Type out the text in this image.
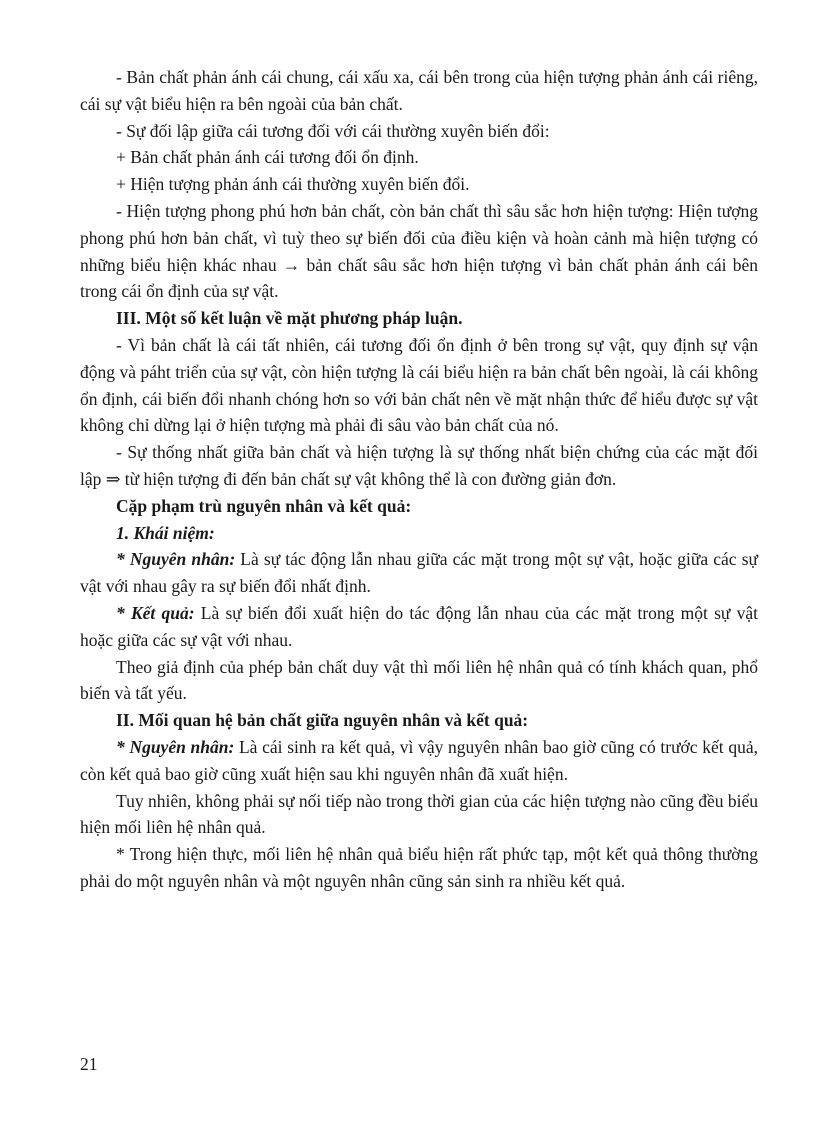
- Bản chất phản ánh cái chung, cái xấu xa, cái bên trong của hiện tượng phản ánh cái riêng, cái sự vật biểu hiện ra bên ngoài của bản chất.

- Sự đối lập giữa cái tương đối với cái thường xuyên biến đổi:

+ Bản chất phản ánh cái tương đối ổn định.

+ Hiện tượng phản ánh cái thường xuyên biến đổi.

- Hiện tượng phong phú hơn bản chất, còn bản chất thì sâu sắc hơn hiện tượng: Hiện tượng phong phú hơn bản chất, vì tuỳ theo sự biến đối của điều kiện và hoàn cảnh mà hiện tượng có những biểu hiện khác nhau → bản chất sâu sắc hơn hiện tượng vì bản chất phản ánh cái bên trong cái ổn định của sự vật.

III. Một số kết luận về mặt phương pháp luận.

- Vì bản chất là cái tất nhiên, cái tương đối ổn định ở bên trong sự vật, quy định sự vận động và páht triển của sự vật, còn hiện tượng là cái biểu hiện ra bản chất bên ngoài, là cái không ổn định, cái biến đổi nhanh chóng hơn so với bản chất nên về mặt nhận thức để hiểu được sự vật không chỉ dừng lại ở hiện tượng mà phải đi sâu vào bản chất của nó.

- Sự thống nhất giữa bản chất và hiện tượng là sự thống nhất biện chứng của các mặt đối lập ⇒ từ hiện tượng đi đến bản chất sự vật không thể là con đường giản đơn.

Cặp phạm trù nguyên nhân và kết quả:

1. Khái niệm:

* Nguyên nhân: Là sự tác động lẫn nhau giữa các mặt trong một sự vật, hoặc giữa các sự vật với nhau gây ra sự biến đổi nhất định.

* Kết quả: Là sự biến đổi xuất hiện do tác động lẫn nhau của các mặt trong một sự vật hoặc giữa các sự vật với nhau.

Theo giả định của phép bản chất duy vật thì mối liên hệ nhân quả có tính khách quan, phổ biến và tất yếu.

II. Mối quan hệ bản chất giữa nguyên nhân và kết quả:

* Nguyên nhân: Là cái sinh ra kết quả, vì vậy nguyên nhân bao giờ cũng có trước kết quả, còn kết quả bao giờ cũng xuất hiện sau khi nguyên nhân đã xuất hiện.

Tuy nhiên, không phải sự nối tiếp nào trong thời gian của các hiện tượng nào cũng đều biểu hiện mối liên hệ nhân quả.

* Trong hiện thực, mối liên hệ nhân quả biểu hiện rất phức tạp, một kết quả thông thường phải do một nguyên nhân và một nguyên nhân cũng sản sinh ra nhiều kết quả.

21
